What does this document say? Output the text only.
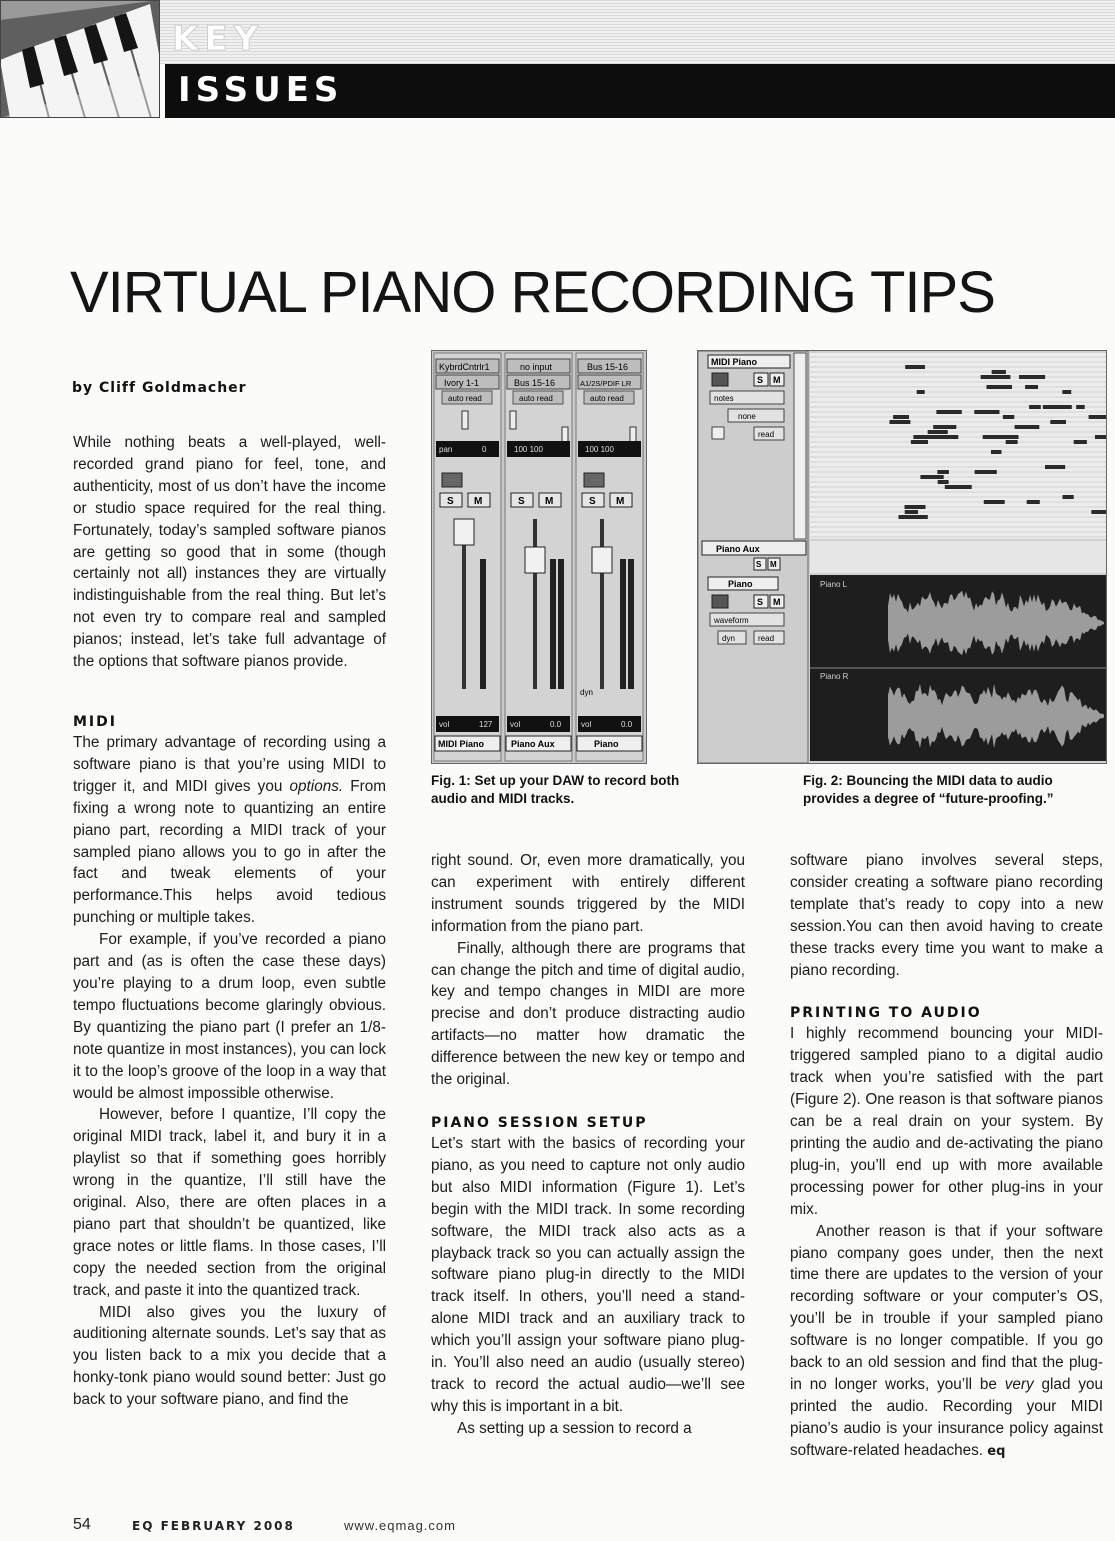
KEY
ISSUES
VIRTUAL PIANO RECORDING TIPS
by Cliff Goldmacher

While nothing beats a well-played, well-recorded grand piano for feel, tone, and authenticity, most of us don’t have the income or studio space required for the real thing. Fortunately, today’s sampled software pianos are getting so good that in some (though certainly not all) instances they are virtually indistinguishable from the real thing. But let’s not even try to compare real and sampled pianos; instead, let’s take full advantage of the options that software pianos provide.

MIDI

The primary advantage of recording using a software piano is that you’re using MIDI to trigger it, and MIDI gives you options. From fixing a wrong note to quantizing an entire piano part, recording a MIDI track of your sampled piano allows you to go in after the fact and tweak elements of your performance.This helps avoid tedious punching or multiple takes.

For example, if you’ve recorded a piano part and (as is often the case these days) you’re playing to a drum loop, even subtle tempo fluctuations become glaringly obvious. By quantizing the piano part (I prefer an 1/8-note quantize in most instances), you can lock it to the loop’s groove of the loop in a way that would be almost impossible otherwise.

However, before I quantize, I’ll copy the original MIDI track, label it, and bury it in a playlist so that if something goes horribly wrong in the quantize, I’ll still have the original. Also, there are often places in a piano part that shouldn’t be quantized, like grace notes or little flams. In those cases, I’ll copy the needed section from the original track, and paste it into the quantized track.

MIDI also gives you the luxury of auditioning alternate sounds. Let’s say that as you listen back to a mix you decide that a honky-tonk piano would sound better: Just go back to your software piano, and find the

right sound. Or, even more dramatically, you can experiment with entirely different instrument sounds triggered by the MIDI information from the piano part.

Finally, although there are programs that can change the pitch and time of digital audio, key and tempo changes in MIDI are more precise and don’t produce distracting audio artifacts—no matter how dramatic the difference between the new key or tempo and the original.

PIANO SESSION SETUP

Let’s start with the basics of recording your piano, as you need to capture not only audio but also MIDI information (Figure 1). Let’s begin with the MIDI track. In some recording software, the MIDI track also acts as a playback track so you can actually assign the software piano plug-in directly to the MIDI track itself. In others, you’ll need a stand-alone MIDI track and an auxiliary track to which you’ll assign your software piano plug-in. You’ll also need an audio (usually stereo) track to record the actual audio—we’ll see why this is important in a bit.

As setting up a session to record a

software piano involves several steps, consider creating a software piano recording template that’s ready to copy into a new session.You can then avoid having to create these tracks every time you want to make a piano recording.

PRINTING TO AUDIO

I highly recommend bouncing your MIDI-triggered sampled piano to a digital audio track when you’re satisfied with the part (Figure 2). One reason is that software pianos can be a real drain on your system. By printing the audio and de-activating the piano plug-in, you’ll end up with more available processing power for other plug-ins in your mix.

Another reason is that if your software piano company goes under, then the next time there are updates to the version of your recording software or your computer’s OS, you’ll be in trouble if your sampled piano software is no longer compatible. If you go back to an old session and find that the plug-in no longer works, you’ll be very glad you printed the audio. Recording your MIDI piano’s audio is your insurance policy against software-related headaches. eq

KybrdCntrlr1
Ivory 1-1
auto read
pan	0
S M
vol	127
MIDI Piano
no input
Bus 15-16
auto read
100 100
S M
vol	0.0
Piano Aux
Bus 15-16
A1/2S/PDIF LR
auto read
100 100
S M
dyn
vol	0.0
Piano
Fig. 1: Set up your DAW to record both audio and MIDI tracks.
MIDI Piano
S M
notes
none
read
Piano Aux
S M
Piano
S M
waveform
dyn	read
Piano L
Piano R
Fig. 2: Bouncing the MIDI data to audio provides a degree of “future-proofing.”
54	EQ FEBRUARY 2008	www.eqmag.com
